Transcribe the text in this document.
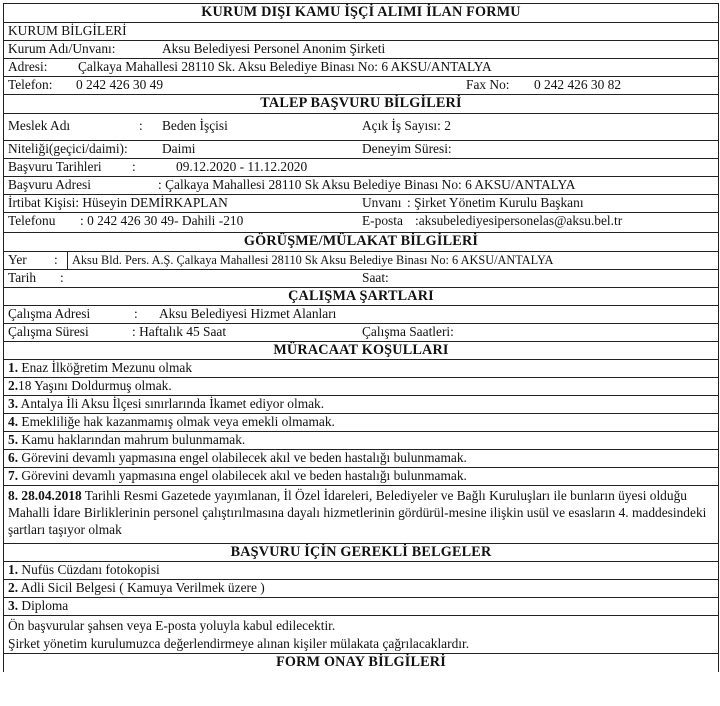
KURUM DIŞI KAMU İŞÇİ ALIMI İLAN FORMU
KURUM BİLGİLERİ
Kurum Adı/Unvanı:	Aksu Belediyesi Personel Anonim Şirketi
Adresi: Çalkaya Mahallesi 28110 Sk. Aksu Belediye Binası No: 6 AKSU/ANTALYA
Telefon: 0 242 426 30 49	Fax No: 0 242 426 30 82
TALEP BAŞVURU BİLGİLERİ
Meslek Adı	: Beden İşçisi	Açık İş Sayısı: 2
Niteliği(geçici/daimi):	Daimi	Deneyim Süresi:
Başvuru Tarihleri :	09.12.2020 - 11.12.2020
Başvuru Adresi	: Çalkaya Mahallesi 28110 Sk Aksu Belediye Binası No: 6 AKSU/ANTALYA
İrtibat Kişisi: Hüseyin DEMİRKAPLAN	Unvanı : Şirket Yönetim Kurulu Başkanı
Telefonu : 0 242 426 30 49- Dahili -210	E-posta :aksubelediyesipersonelas@aksu.bel.tr
GÖRÜŞME/MÜLAKAT BİLGİLERİ
Yer : Aksu Bld. Pers. A.Ş. Çalkaya Mahallesi 28110 Sk Aksu Belediye Binası No: 6 AKSU/ANTALYA
Tarih :	Saat:
ÇALIŞMA ŞARTLARI
Çalışma Adresi	: Aksu Belediyesi Hizmet Alanları
Çalışma Süresi	: Haftalık 45 Saat	Çalışma Saatleri:
MÜRACAAT KOŞULLARI
1. Enaz İlköğretim Mezunu olmak
2.18 Yaşını Doldurmuş olmak.
3. Antalya İli Aksu İlçesi sınırlarında İkamet ediyor olmak.
4. Emekliliğe hak kazanmamış olmak veya emekli olmamak.
5. Kamu haklarından mahrum bulunmamak.
6. Görevini devamlı yapmasına engel olabilecek akıl ve beden hastalığı bulunmamak.
7. Görevini devamlı yapmasına engel olabilecek akıl ve beden hastalığı bulunmamak.
8. 28.04.2018 Tarihli Resmi Gazetede yayımlanan, İl Özel İdareleri, Belediyeler ve Bağlı Kuruluşları ile bunların üyesi olduğu Mahalli İdare Birliklerinin personel çalıştırılmasına dayalı hizmetlerinin gördürül-mesine ilişkin usül ve esasların 4. maddesindeki şartları taşıyor olmak
BAŞVURU İÇİN GEREKLİ BELGELER
1. Nufüs Cüzdanı fotokopisi
2. Adli Sicil Belgesi ( Kamuya Verilmek üzere )
3. Diploma
Ön başvurular şahsen veya E-posta yoluyla kabul edilecektir.
Şirket yönetim kurulumuzca değerlendirmeye alınan kişiler mülakata çağrılacaklardır.
FORM ONAY BİLGİLERİ
